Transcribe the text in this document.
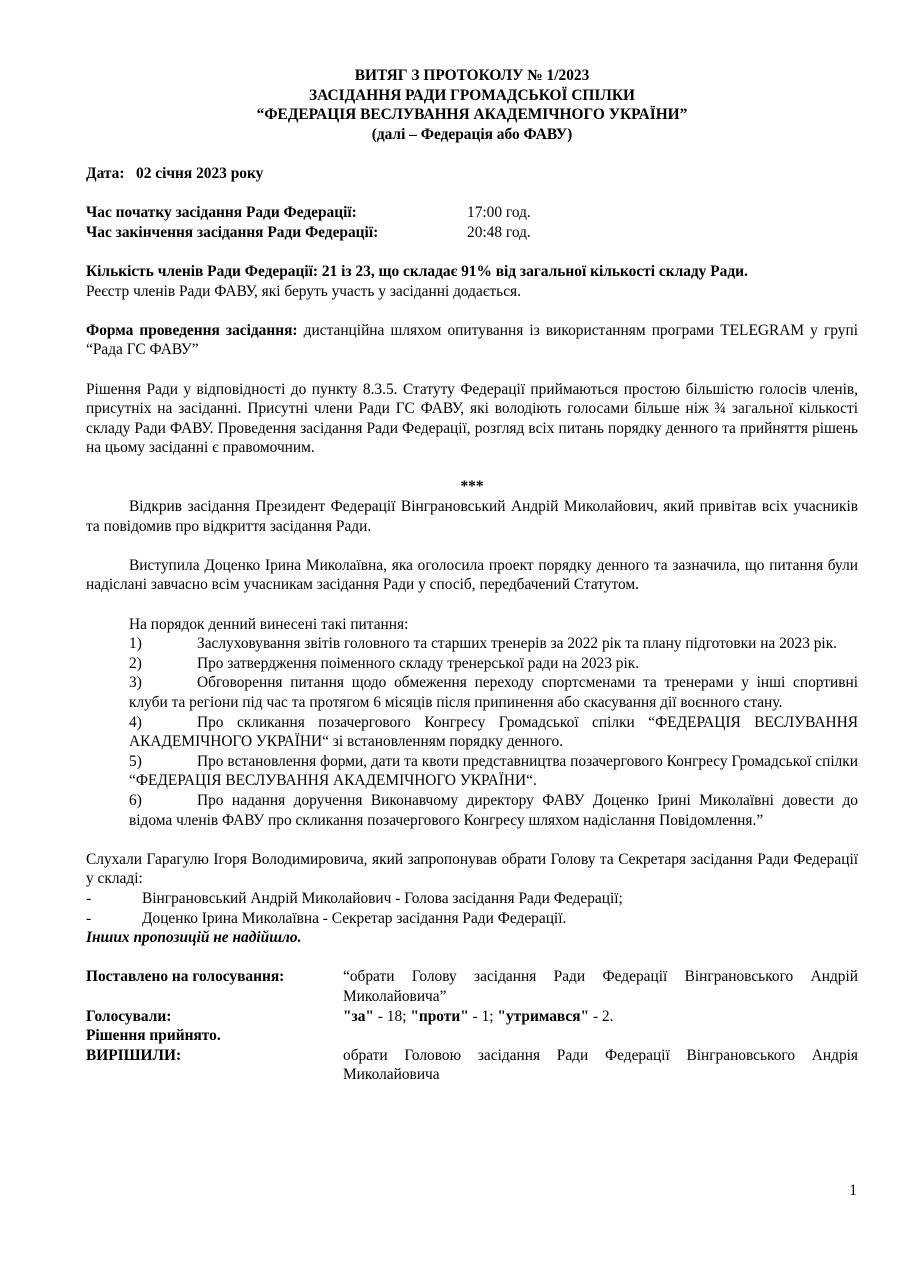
ВИТЯГ З ПРОТОКОЛУ № 1/2023
ЗАСІДАННЯ РАДИ ГРОМАДСЬКОЇ СПІЛКИ
“ФЕДЕРАЦІЯ ВЕСЛУВАННЯ АКАДЕМІЧНОГО УКРАЇНИ”
(далі – Федерація або ФАВУ)
Дата: 02 січня 2023 року
Час початку засідання Ради Федерації:	17:00 год.
Час закінчення засідання Ради Федерації:	20:48 год.
Кількість членів Ради Федерації: 21 із 23, що складає 91% від загальної кількості складу Ради.
Реєстр членів Ради ФАВУ, які беруть участь у засіданні додається.
Форма проведення засідання: дистанційна шляхом опитування із використанням програми TELEGRAM у групі “Рада ГС ФАВУ”
Рішення Ради у відповідності до пункту 8.3.5. Статуту Федерації приймаються простою більшістю голосів членів, присутніх на засіданні. Присутні члени Ради ГС ФАВУ, які володіють голосами більше ніж ¾ загальної кількості складу Ради ФАВУ. Проведення засідання Ради Федерації, розгляд всіх питань порядку денного та прийняття рішень на цьому засіданні є правомочним.
***
Відкрив засідання Президент Федерації Вінграновський Андрій Миколайович, який привітав всіх учасників та повідомив про відкриття засідання Ради.
Виступила Доценко Ірина Миколаївна, яка оголосила проект порядку денного та зазначила, що питання були надіслані завчасно всім учасникам засідання Ради у спосіб, передбачений Статутом.
На порядок денний винесені такі питання:
1)	Заслуховування звітів головного та старших тренерів за 2022 рік та плану підготовки на 2023 рік.
2)	Про затвердження поіменного складу тренерської ради на 2023 рік.
3)	Обговорення питання щодо обмеження переходу спортсменами та тренерами у інші спортивні клуби та регіони під час та протягом 6 місяців після припинення або скасування дії воєнного стану.
4)	Про скликання позачергового Конгресу Громадської спілки “ФЕДЕРАЦІЯ ВЕСЛУВАННЯ АКАДЕМІЧНОГО УКРАЇНИ“ зі встановленням порядку денного.
5)	Про встановлення форми, дати та квоти представництва позачергового Конгресу Громадської спілки “ФЕДЕРАЦІЯ ВЕСЛУВАННЯ АКАДЕМІЧНОГО УКРАЇНИ“.
6)	Про надання доручення Виконавчому директору ФАВУ Доценко Ірині Миколаївні довести до відома членів ФАВУ про скликання позачергового Конгресу шляхом надіслання Повідомлення.”
Слухали Гарагулю Ігоря Володимировича, який запропонував обрати Голову та Секретаря засідання Ради Федерації у складі:
-	Вінграновський Андрій Миколайович - Голова засідання Ради Федерації;
-	Доценко Ірина Миколаївна - Секретар засідання Ради Федерації.
Інших пропозицій не надійшло.
Поставлено на голосування:	“обрати Голову засідання Ради Федерації Вінграновського Андрій Миколайовича”
Голосували:	"за" - 18; "проти" - 1; "утримався" - 2.
Рішення прийнято.
ВИРІШИЛИ:	обрати Головою засідання Ради Федерації Вінграновського Андрія Миколайовича
1
